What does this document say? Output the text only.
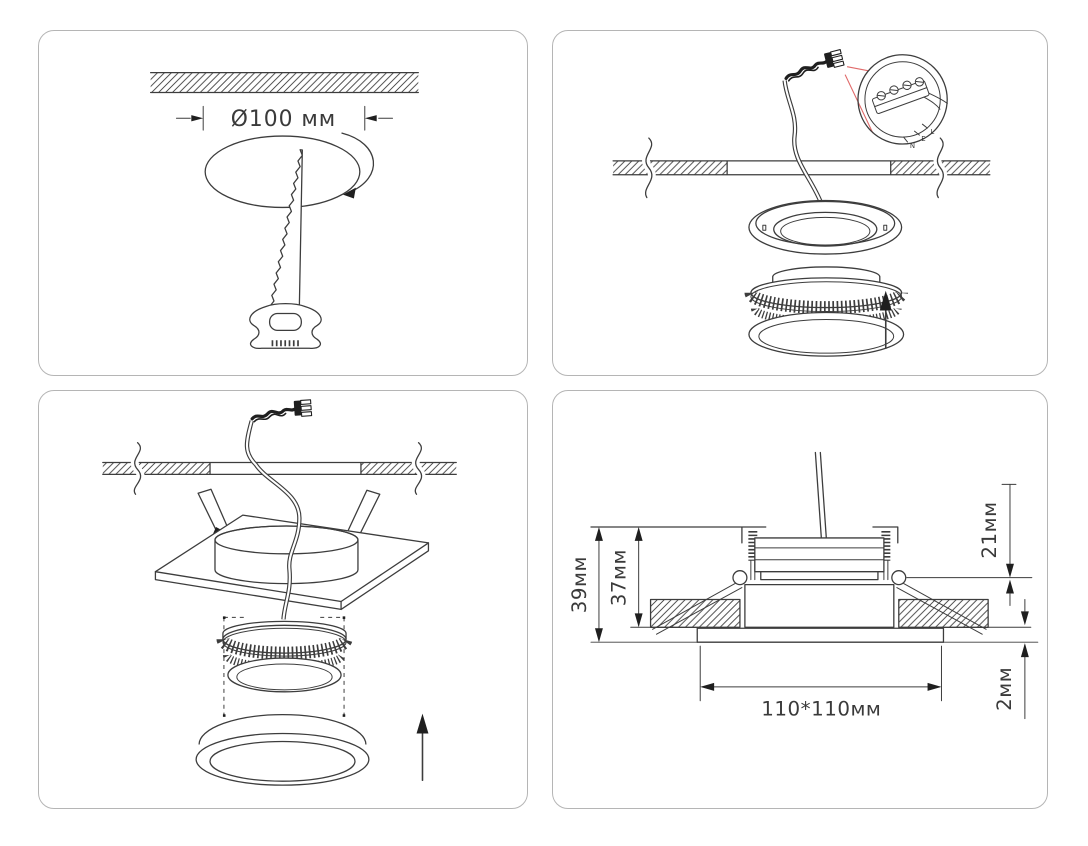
Ø100 мм	L
E
N
39мм 37мм
21мм
2мм
110*110мм
